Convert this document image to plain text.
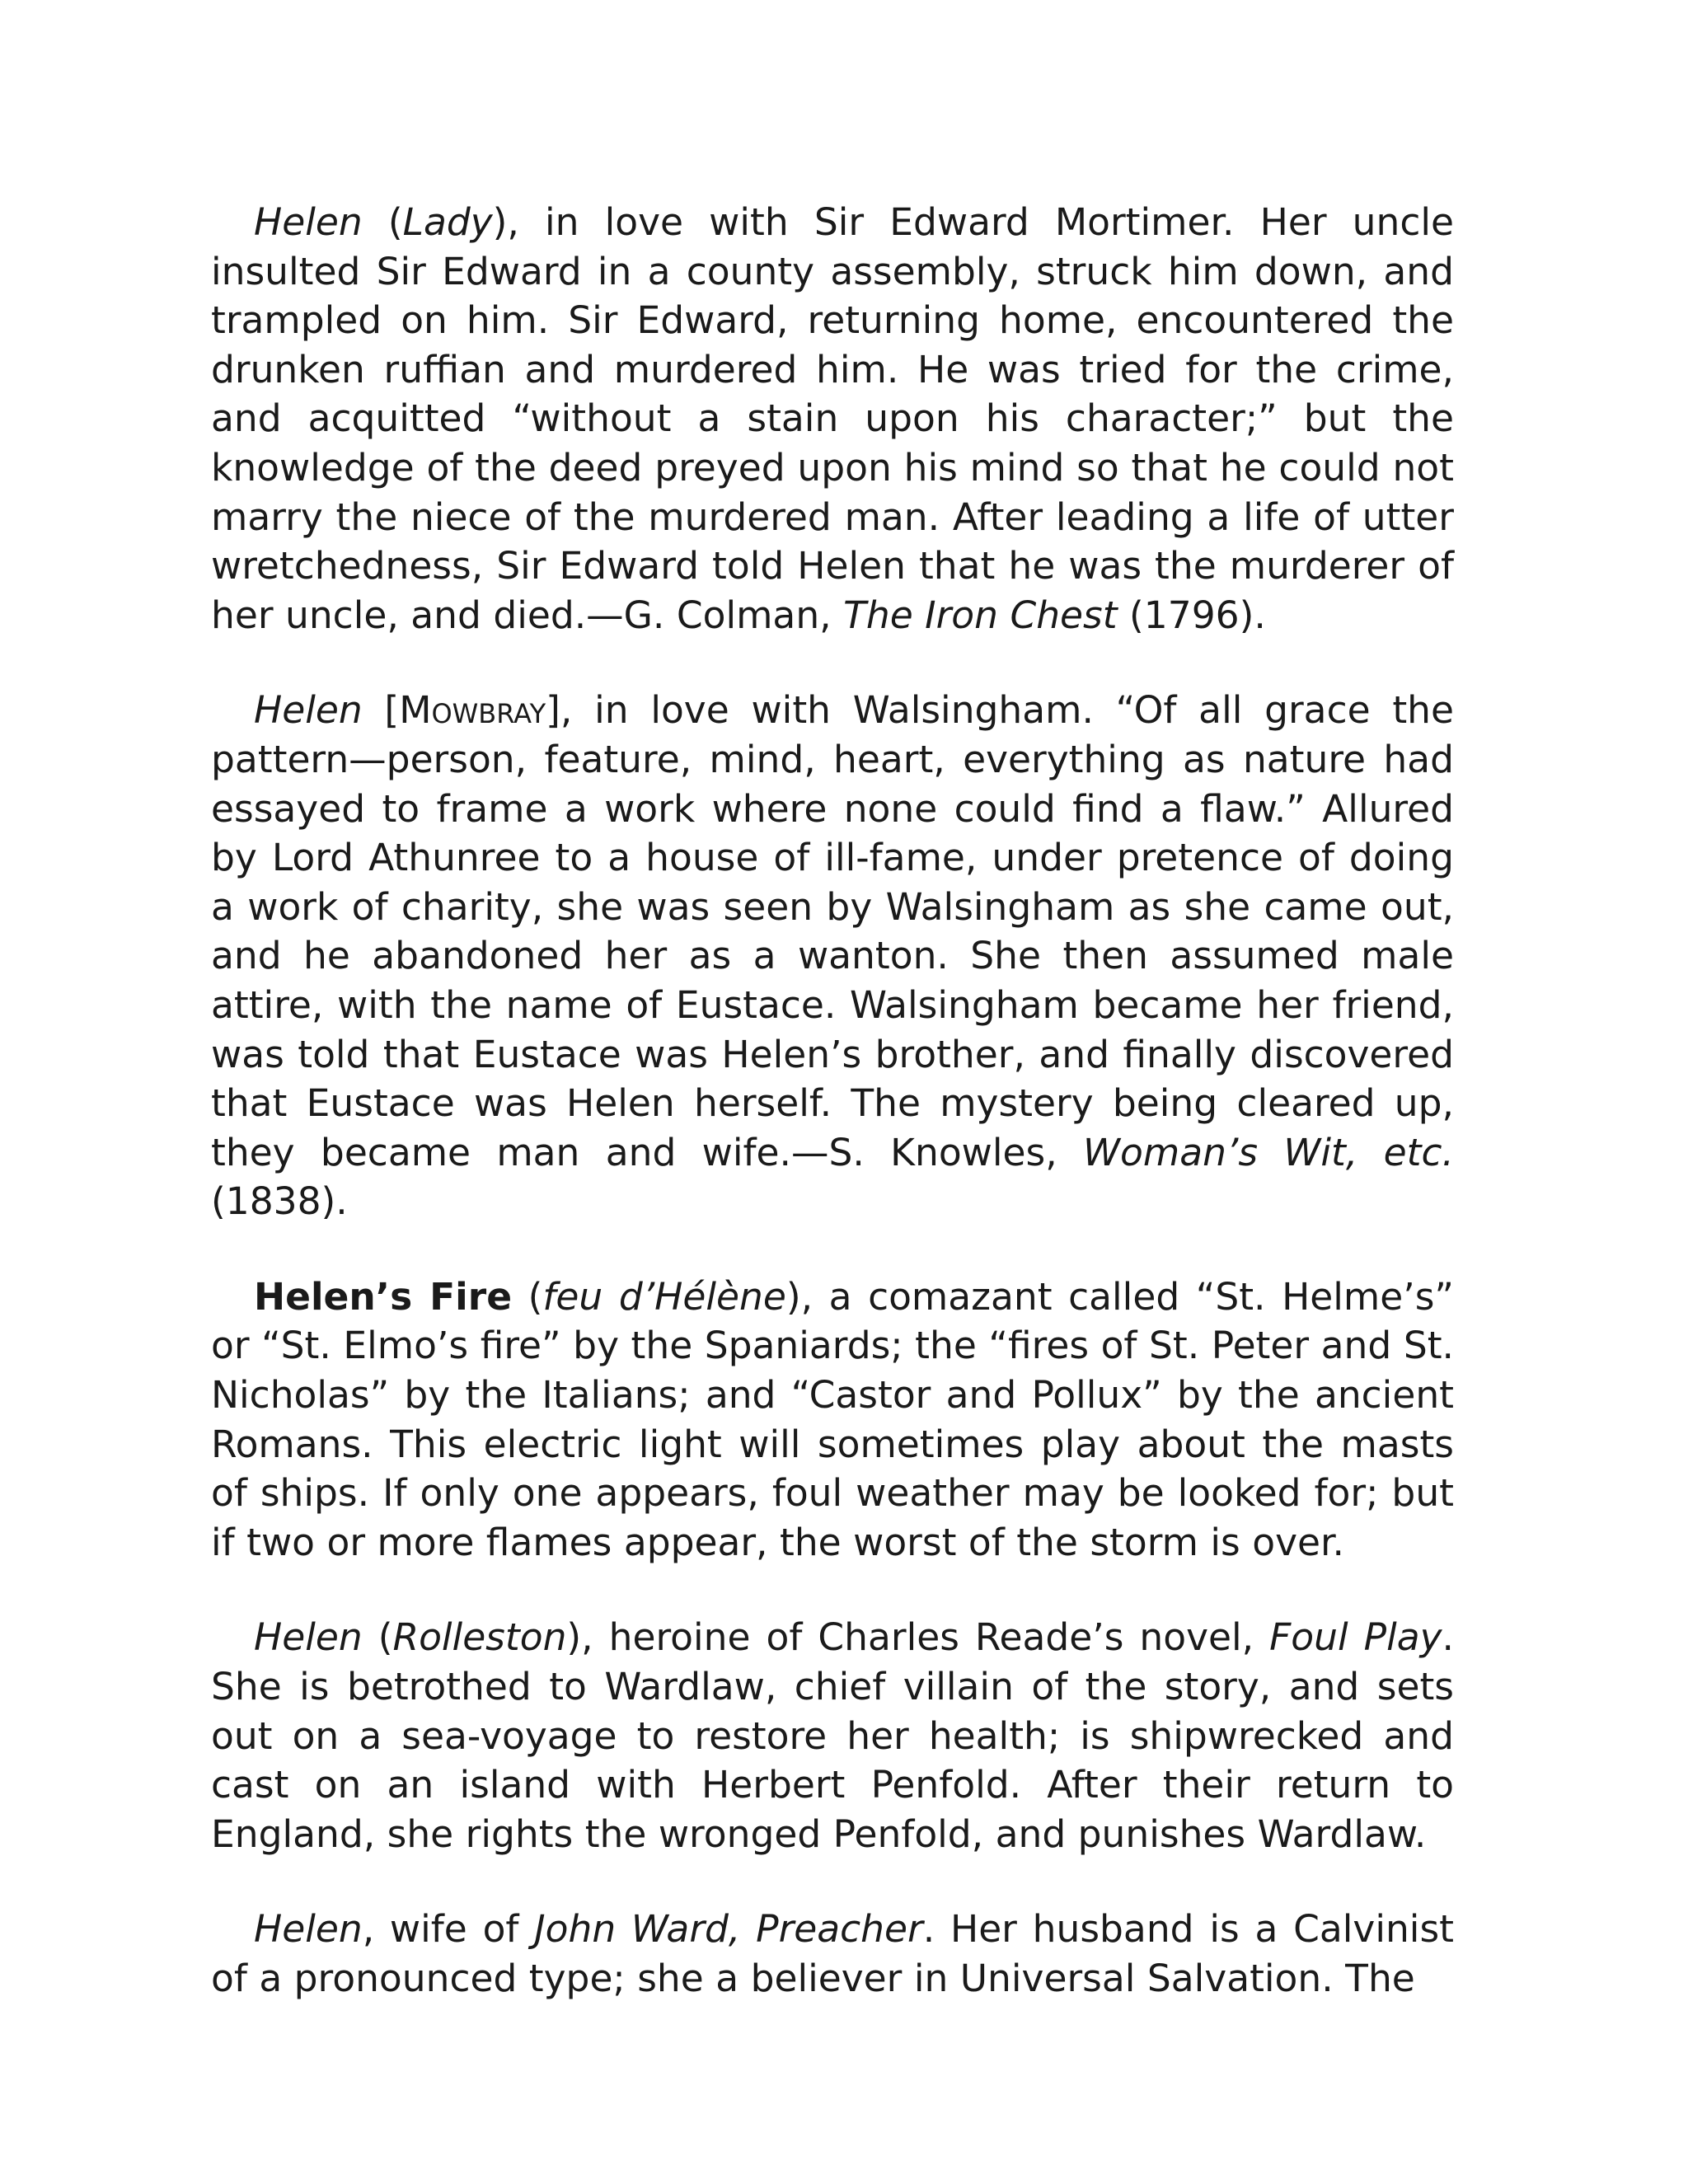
Helen (Lady), in love with Sir Edward Mortimer. Her uncle insulted Sir Edward in a county assembly, struck him down, and trampled on him. Sir Edward, returning home, encountered the drunken ruffian and murdered him. He was tried for the crime, and acquitted “without a stain upon his character;” but the knowledge of the deed preyed upon his mind so that he could not marry the niece of the murdered man. After leading a life of utter wretchedness, Sir Edward told Helen that he was the murderer of her uncle, and died.—G. Colman, The Iron Chest (1796).

Helen [Mowbray], in love with Walsingham. “Of all grace the pattern—person, feature, mind, heart, everything as nature had essayed to frame a work where none could find a flaw.” Allured by Lord Athunree to a house of ill-fame, under pretence of doing a work of charity, she was seen by Walsingham as she came out, and he abandoned her as a wanton. She then assumed male attire, with the name of Eustace. Walsingham became her friend, was told that Eustace was Helen’s brother, and finally discovered that Eustace was Helen herself. The mystery being cleared up, they became man and wife.—S. Knowles, Woman’s Wit, etc. (1838).

Helen’s Fire (feu d’Hélène), a comazant called “St. Helme’s” or “St. Elmo’s fire” by the Spaniards; the “fires of St. Peter and St. Nicholas” by the Italians; and “Castor and Pollux” by the ancient Romans. This electric light will sometimes play about the masts of ships. If only one appears, foul weather may be looked for; but if two or more flames appear, the worst of the storm is over.

Helen (Rolleston), heroine of Charles Reade’s novel, Foul Play. She is betrothed to Wardlaw, chief villain of the story, and sets out on a sea-voyage to restore her health; is shipwrecked and cast on an island with Herbert Penfold. After their return to England, she rights the wronged Penfold, and punishes Wardlaw.

Helen, wife of John Ward, Preacher. Her husband is a Calvinist of a pronounced type; she a believer in Universal Salvation. The
